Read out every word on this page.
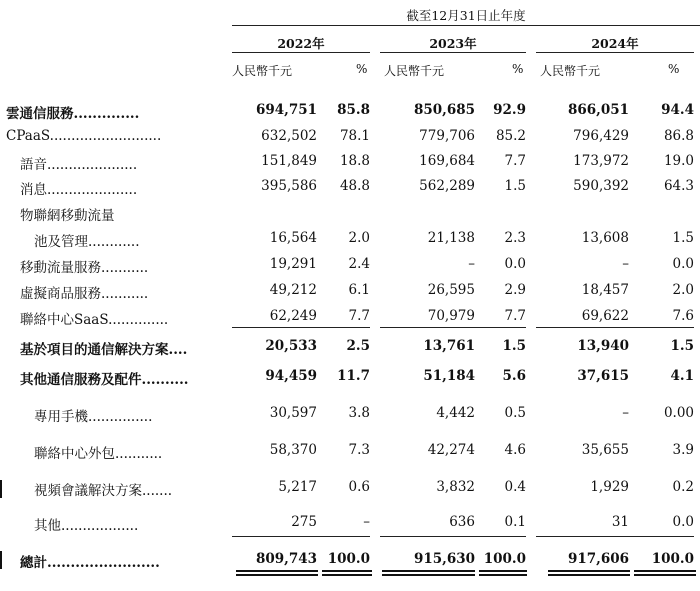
截至12月31日止年度
2022年	2023年	2024年
人民幣千元	% 人民幣千元	% 人民幣千元	%
雲通信服務..............	694,751	85.8	850,685	92.9	866,051	94.4
CPaaS..........................	632,502	78.1	779,706	85.2	796,429	86.8
語音.....................	151,849	18.8	169,684	7.7	173,972	19.0
消息.....................	395,586	48.8	562,289	1.5	590,392	64.3
物聯網移動流量
池及管理............	16,564	2.0	21,138	2.3	13,608	1.5
移動流量服務...........	19,291	2.4	–	0.0	–	0.0
虛擬商品服務...........	49,212	6.1	26,595	2.9	18,457	2.0
聯絡中心SaaS..............	62,249	7.7	70,979	7.7	69,622	7.6
基於項目的通信解決方案....	20,533	2.5	13,761	1.5	13,940	1.5
其他通信服務及配件..........	94,459	11.7	51,184	5.6	37,615	4.1
專用手機...............	30,597	3.8	4,442	0.5	–	0.00
聯絡中心外包...........	58,370	7.3	42,274	4.6	35,655	3.9
視頻會議解決方案.......	5,217	0.6	3,832	0.4	1,929	0.2
其他..................	275	–	636	0.1	31	0.0
總計........................	809,743 100.0	915,630 100.0	917,606	100.0
